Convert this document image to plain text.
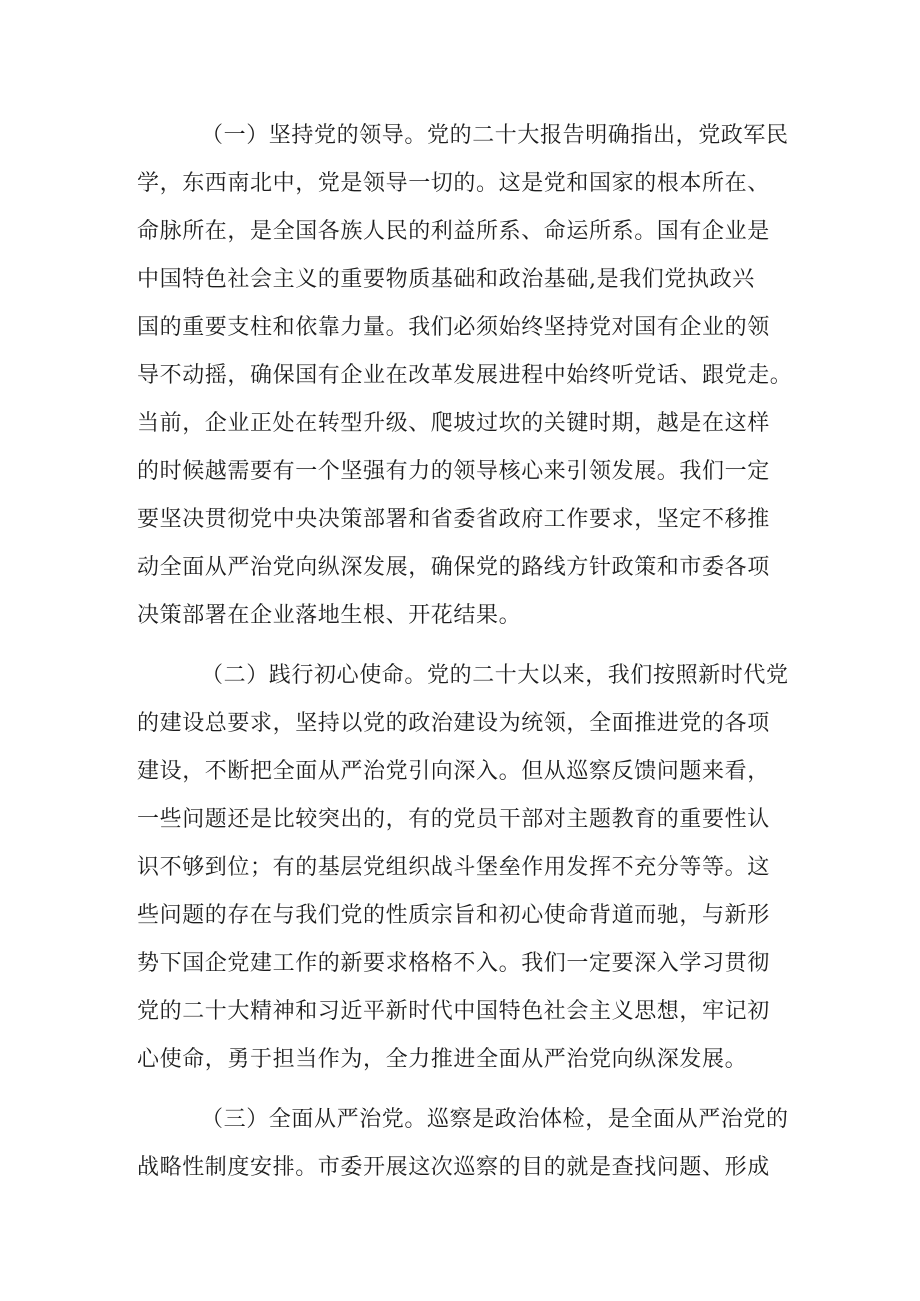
（一）坚持党的领导。党的二十大报告明确指出，党政军民
学，东西南北中，党是领导一切的。这是党和国家的根本所在、
命脉所在，是全国各族人民的利益所系、命运所系。国有企业是
中国特色社会主义的重要物质基础和政治基础,是我们党执政兴
国的重要支柱和依靠力量。我们必须始终坚持党对国有企业的领
导不动摇，确保国有企业在改革发展进程中始终听党话、跟党走。
当前，企业正处在转型升级、爬坡过坎的关键时期，越是在这样
的时候越需要有一个坚强有力的领导核心来引领发展。我们一定
要坚决贯彻党中央决策部署和省委省政府工作要求，坚定不移推
动全面从严治党向纵深发展，确保党的路线方针政策和市委各项
决策部署在企业落地生根、开花结果。
（二）践行初心使命。党的二十大以来，我们按照新时代党
的建设总要求，坚持以党的政治建设为统领，全面推进党的各项
建设，不断把全面从严治党引向深入。但从巡察反馈问题来看，
一些问题还是比较突出的，有的党员干部对主题教育的重要性认
识不够到位；有的基层党组织战斗堡垒作用发挥不充分等等。这
些问题的存在与我们党的性质宗旨和初心使命背道而驰，与新形
势下国企党建工作的新要求格格不入。我们一定要深入学习贯彻
党的二十大精神和习近平新时代中国特色社会主义思想，牢记初
心使命，勇于担当作为，全力推进全面从严治党向纵深发展。
（三）全面从严治党。巡察是政治体检，是全面从严治党的
战略性制度安排。市委开展这次巡察的目的就是查找问题、形成
